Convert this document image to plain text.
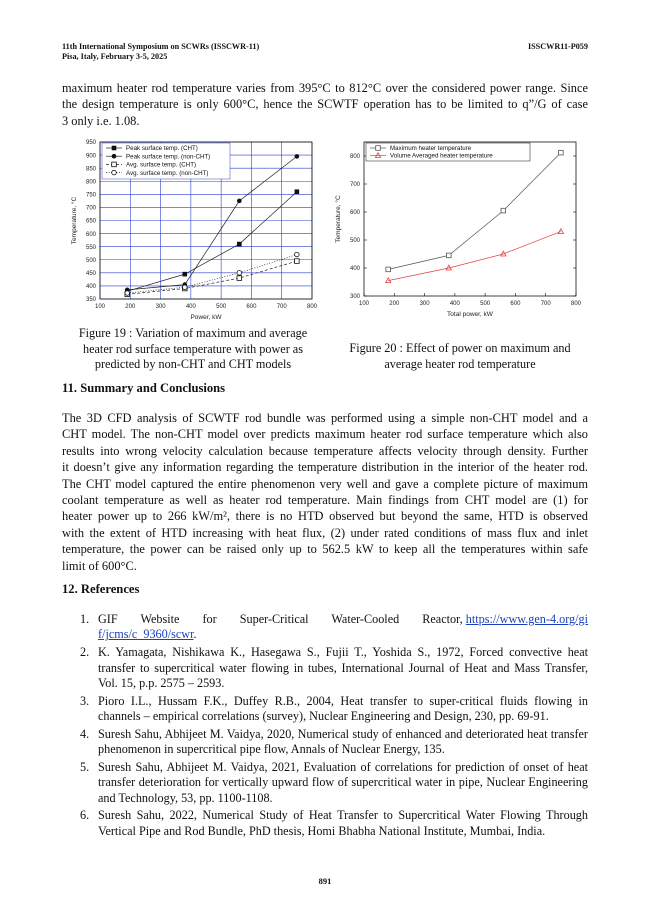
11th International Symposium on SCWRs (ISSCWR-11)
Pisa, Italy, February 3-5, 2025
ISSCWR11-P059
maximum heater rod temperature varies from 395°C to 812°C over the considered power range. Since
the design temperature is only 600°C, hence the SCWTF operation has to be limited to q”/G of case
3 only i.e. 1.08.
350
400
450
500
550
600
650
700
750
800
850
900
950
100	200	300	400	500	600	700	800
Power, kW
Temperature, °C
Peak surface temp. (CHT)
Peak surface temp. (non-CHT)
Avg. surface temp. (CHT)
Avg. surface temp. (non-CHT)
300
400
500
600
700
800
100	200	300	400	500	600	700	800
Total power, kW
Temperature, °C
Maximum heater temperature
Volume Averaged heater temperature
Figure 19 : Variation of maximum and average
heater rod surface temperature with power as
predicted by non-CHT and CHT models
Figure 20 : Effect of power on maximum and
average heater rod temperature
11. Summary and Conclusions
The 3D CFD analysis of SCWTF rod bundle was performed using a simple non-CHT model and a
CHT model. The non-CHT model over predicts maximum heater rod surface temperature which also
results into wrong velocity calculation because temperature affects velocity through density. Further
it doesn’t give any information regarding the temperature distribution in the interior of the heater rod.
The CHT model captured the entire phenomenon very well and gave a complete picture of maximum
coolant temperature as well as heater rod temperature. Main findings from CHT model are (1) for
heater power up to 266 kW/m², there is no HTD observed but beyond the same, HTD is observed
with the extent of HTD increasing with heat flux, (2) under rated conditions of mass flux and inlet
temperature, the power can be raised only up to 562.5 kW to keep all the temperatures within safe
limit of 600°C.
12. References
1. GIF Website for Super-Critical Water-Cooled Reactor, https://www.gen-4.org/gif/jcms/c_9360/scwr.
2. K. Yamagata, Nishikawa K., Hasegawa S., Fujii T., Yoshida S., 1972, Forced convective heat transfer to supercritical water flowing in tubes, International Journal of Heat and Mass Transfer, Vol. 15, p.p. 2575 – 2593.
3. Pioro I.L., Hussam F.K., Duffey R.B., 2004, Heat transfer to super-critical fluids flowing in channels – empirical correlations (survey), Nuclear Engineering and Design, 230, pp. 69-91.
4. Suresh Sahu, Abhijeet M. Vaidya, 2020, Numerical study of enhanced and deteriorated heat transfer phenomenon in supercritical pipe flow, Annals of Nuclear Energy, 135.
5. Suresh Sahu, Abhijeet M. Vaidya, 2021, Evaluation of correlations for prediction of onset of heat transfer deterioration for vertically upward flow of supercritical water in pipe, Nuclear Engineering and Technology, 53, pp. 1100-1108.
6. Suresh Sahu, 2022, Numerical Study of Heat Transfer to Supercritical Water Flowing Through Vertical Pipe and Rod Bundle, PhD thesis, Homi Bhabha National Institute, Mumbai, India.
891
